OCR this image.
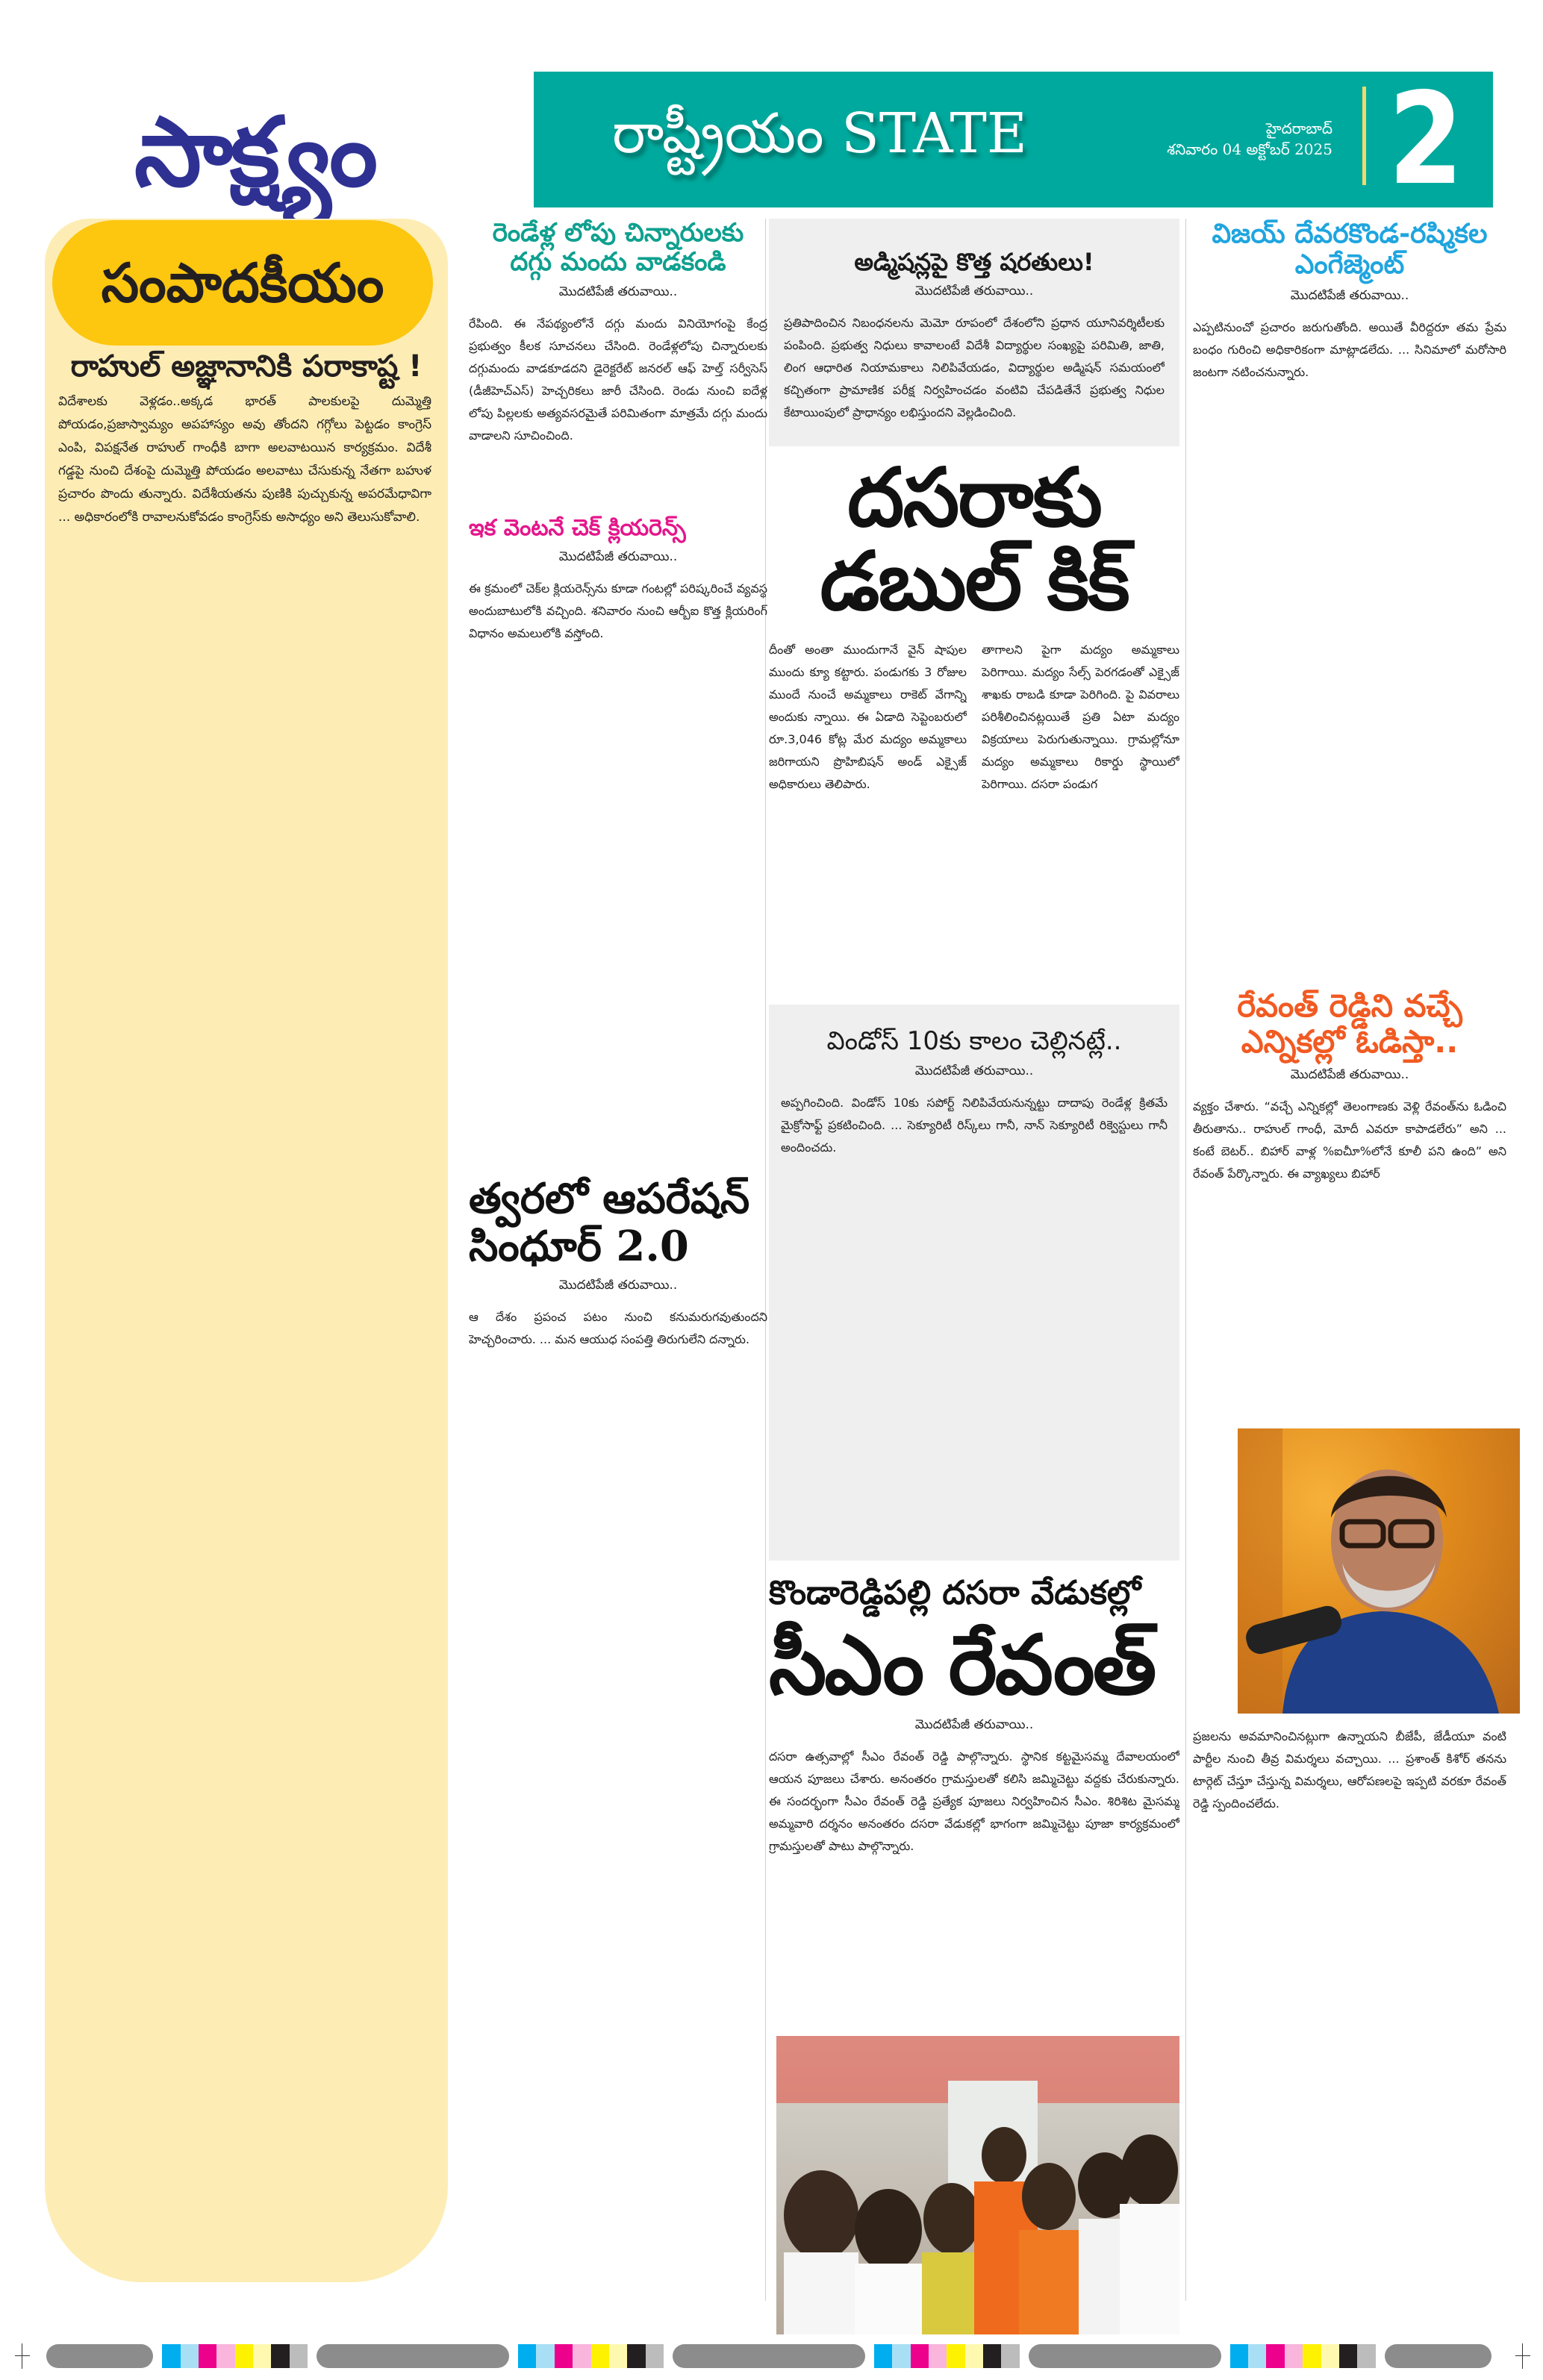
సాక్ష్యం	రాష్ట్రీయం STATE	హైదరాబాద్
శనివారం 04 అక్టోబర్ 2025 2
సంపాదకీయం
రాహుల్ అజ్ఞానానికి పరాకాష్ట !
విదేశాలకు వెళ్లడం..అక్కడ భారత్ పాలకులపై దుమ్మెత్తి పోయడం,ప్రజాస్వామ్యం అపహాస్యం అవు తోందని గగ్గోలు పెట్టడం కాంగ్రెస్ ఎంపి, విపక్షనేత రాహుల్ గాంధీకి బాగా అలవాటయిన కార్యక్రమం. విదేశీ గడ్డపై నుంచి దేశంపై దుమ్మెత్తి పోయడం అలవాటు చేసుకున్న నేతగా బహుళ ప్రచారం పొందు తున్నారు. విదేశీయతను పుణికి పుచ్చుకున్న అపరమేధావిగా ... అధికారంలోకి రావాలనుకోవడం కాంగ్రెస్‌కు అసాధ్యం అని తెలుసుకోవాలి.
రెండేళ్ల లోపు చిన్నారులకు దగ్గు మందు వాడకండి
మొదటిపేజీ తరువాయి..
రేపింది. ఈ నేపథ్యంలోనే దగ్గు మందు వినియోగంపై కేంద్ర ప్రభుత్వం కీలక సూచనలు చేసింది. రెండేళ్లలోపు చిన్నారులకు దగ్గుమందు వాడకూడదని డైరెక్టరేట్ జనరల్ ఆఫ్ హెల్త్ సర్వీసెస్ (డీజీహెచ్ఎస్) హెచ్చరికలు జారీ చేసింది. రెండు నుంచి ఐదేళ్ల లోపు పిల్లలకు అత్యవసరమైతే పరిమితంగా మాత్రమే దగ్గు మందు వాడాలని సూచించింది.
ఇక వెంటనే చెక్ క్లియరెన్స్
మొదటిపేజీ తరువాయి..
ఈ క్రమంలో చెక్‌ల క్లియరెన్స్‌ను కూడా గంటల్లో పరిష్కరించే వ్యవస్థ అందుబాటులోకి వచ్చింది. శనివారం నుంచి ఆర్బీఐ కొత్త క్లియరింగ్ విధానం అమలులోకి వస్తోంది.
త్వరలో ఆపరేషన్ సింధూర్ 2.0
మొదటిపేజీ తరువాయి..
ఆ దేశం ప్రపంచ పటం నుంచి కనుమరుగవుతుందని హెచ్చరించారు. ... మన ఆయుధ సంపత్తి తిరుగులేని దన్నారు.
అడ్మిషన్లపై కొత్త షరతులు!
మొదటిపేజీ తరువాయి..
ప్రతిపాదించిన నిబంధనలను మెమో రూపంలో దేశంలోని ప్రధాన యూనివర్శిటీలకు పంపింది. ప్రభుత్వ నిధులు కావాలంటే విదేశీ విద్యార్థుల సంఖ్యపై పరిమితి, జాతి, లింగ ఆధారిత నియామకాలు నిలిపివేయడం, విద్యార్థుల అడ్మిషన్ సమయంలో కచ్చితంగా ప్రామాణిక పరీక్ష నిర్వహించడం వంటివి చేపడితేనే ప్రభుత్వ నిధుల కేటాయింపులో ప్రాధాన్యం లభిస్తుందని వెల్లడించింది.
దసరాకు డబుల్ కిక్
దీంతో అంతా ముందుగానే వైన్ షాపుల ముందు క్యూ కట్టారు. పండుగకు 3 రోజుల ముందే నుంచే అమ్మకాలు రాకెట్ వేగాన్ని అందుకు న్నాయి. ఈ ఏడాది సెప్టెంబరులో రూ.3,046 కోట్ల మేర మద్యం అమ్మకాలు జరిగాయని ప్రొహిబిషన్ అండ్ ఎక్సైజ్ అధికారులు తెలిపారు.
తాగాలని పైగా మద్యం అమ్మకాలు పెరిగాయి. మద్యం సేల్స్ పెరగడంతో ఎక్సైజ్ శాఖకు రాబడి కూడా పెరిగింది. పై వివరాలు పరిశీలించినట్లయితే ప్రతి ఏటా మద్యం విక్రయాలు పెరుగుతున్నాయి. గ్రామల్లోనూ మద్యం అమ్మకాలు రికార్డు స్థాయిలో పెరిగాయి. దసరా పండుగ
విండోస్ 10కు కాలం చెల్లినట్లే..
మొదటిపేజీ తరువాయి..
అప్పగించింది. విండోస్ 10కు సపోర్ట్ నిలిపివేయనున్నట్టు దాదాపు రెండేళ్ల క్రితమే మైక్రోసాఫ్ట్ ప్రకటించింది. ... సెక్యూరిటీ రిస్క్‌లు గానీ, నాన్ సెక్యూరిటీ రిక్వెస్టులు గానీ అందించదు.
కొండారెడ్డిపల్లి దసరా వేడుకల్లో
సీఎం రేవంత్
మొదటిపేజీ తరువాయి..
దసరా ఉత్సవాల్లో సీఎం రేవంత్ రెడ్డి పాల్గొన్నారు. స్థానిక కట్టమైసమ్మ దేవాలయంలో ఆయన పూజలు చేశారు. అనంతరం గ్రామస్తులతో కలిసి జమ్మిచెట్టు వద్దకు చేరుకున్నారు. ఈ సందర్భంగా సీఎం రేవంత్ రెడ్డి ప్రత్యేక పూజలు నిర్వహించిన సీఎం. శిరిశిట మైసమ్మ అమ్మవారి దర్శనం అనంతరం దసరా వేడుకల్లో భాగంగా జమ్మిచెట్టు పూజా కార్యక్రమంలో గ్రామస్తులతో పాటు పాల్గొన్నారు.
విజయ్ దేవరకొండ-రష్మికల ఎంగేజ్మెంట్
మొదటిపేజీ తరువాయి..
ఎప్పటినుంచో ప్రచారం జరుగుతోంది. అయితే వీరిద్దరూ తమ ప్రేమ బంధం గురించి అధికారికంగా మాట్లాడలేదు. ... సినిమాలో మరోసారి జంటగా నటించనున్నారు.
రేవంత్ రెడ్డిని వచ్చే ఎన్నికల్లో ఓడిస్తా..
మొదటిపేజీ తరువాయి..
వ్యక్తం చేశారు. “వచ్చే ఎన్నికల్లో తెలంగాణకు వెళ్లి రేవంత్‌ను ఓడించి తీరుతాను.. రాహుల్ గాంధీ, మోదీ ఎవరూ కాపాడలేరు” అని ... కంటే బెటర్.. బిహార్ వాళ్ల %ఐచీూ%లోనే కూలీ పని ఉంది” అని రేవంత్ పేర్కొన్నారు. ఈ వ్యాఖ్యలు బిహార్
ప్రజలను అవమానించినట్లుగా ఉన్నాయని బీజేపీ, జేడీయూ వంటి పార్టీల నుంచి తీవ్ర విమర్శలు వచ్చాయి. ... ప్రశాంత్ కిశోర్ తనను టార్గెట్ చేస్తూ చేస్తున్న విమర్శలు, ఆరోపణలపై ఇప్పటి వరకూ రేవంత్ రెడ్డి స్పందించలేదు.
